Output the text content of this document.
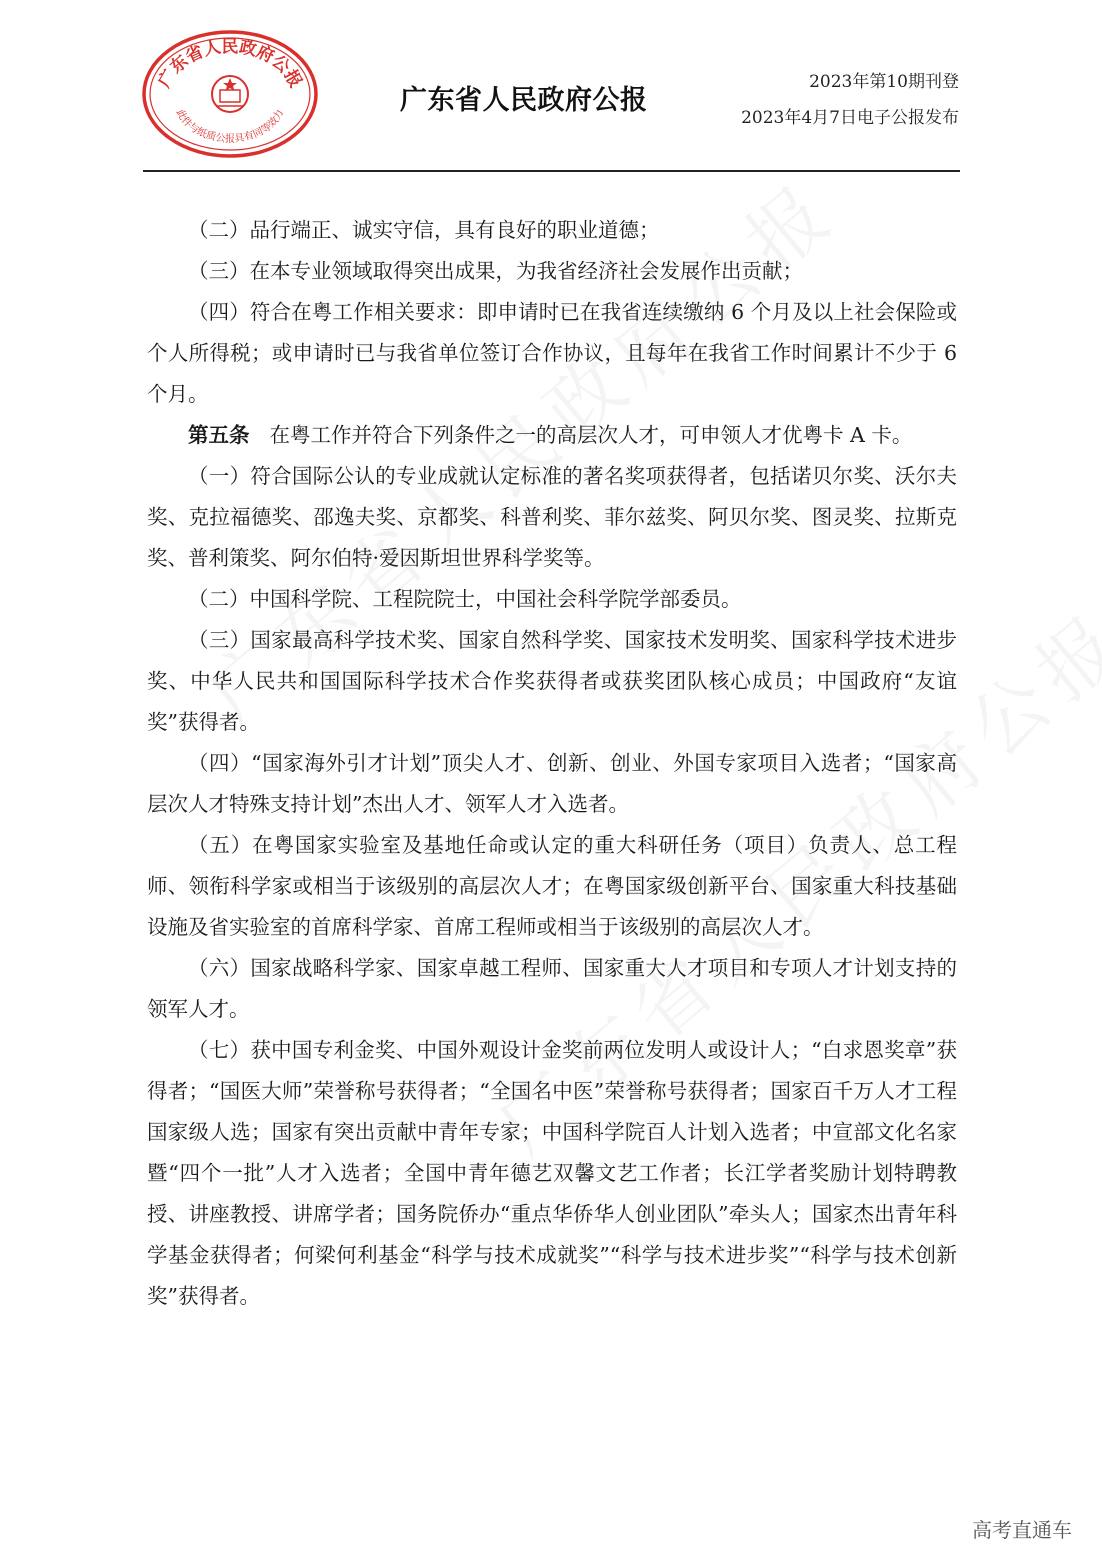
广东省人民政府公报
此件与纸质公报具有同等效力	广东省人民政府公报
2023年第10期刊登
2023年4月7日电子公报发布

（二）品行端正、诚实守信，具有良好的职业道德；

（三）在本专业领域取得突出成果，为我省经济社会发展作出贡献；

（四）符合在粤工作相关要求：即申请时已在我省连续缴纳 6 个月及以上社会保险或个人所得税；或申请时已与我省单位签订合作协议，且每年在我省工作时间累计不少于 6 个月。

第五条 在粤工作并符合下列条件之一的高层次人才，可申领人才优粤卡 A 卡。

（一）符合国际公认的专业成就认定标准的著名奖项获得者，包括诺贝尔奖、沃尔夫奖、克拉福德奖、邵逸夫奖、京都奖、科普利奖、菲尔兹奖、阿贝尔奖、图灵奖、拉斯克奖、普利策奖、阿尔伯特·爱因斯坦世界科学奖等。

（二）中国科学院、工程院院士，中国社会科学院学部委员。

（三）国家最高科学技术奖、国家自然科学奖、国家技术发明奖、国家科学技术进步奖、中华人民共和国国际科学技术合作奖获得者或获奖团队核心成员；中国政府“友谊奖”获得者。

（四）“国家海外引才计划”顶尖人才、创新、创业、外国专家项目入选者；“国家高层次人才特殊支持计划”杰出人才、领军人才入选者。

（五）在粤国家实验室及基地任命或认定的重大科研任务（项目）负责人、总工程师、领衔科学家或相当于该级别的高层次人才；在粤国家级创新平台、国家重大科技基础设施及省实验室的首席科学家、首席工程师或相当于该级别的高层次人才。

（六）国家战略科学家、国家卓越工程师、国家重大人才项目和专项人才计划支持的领军人才。

（七）获中国专利金奖、中国外观设计金奖前两位发明人或设计人；“白求恩奖章”获得者；“国医大师”荣誉称号获得者；“全国名中医”荣誉称号获得者；国家百千万人才工程国家级人选；国家有突出贡献中青年专家；中国科学院百人计划入选者；中宣部文化名家暨“四个一批”人才入选者；全国中青年德艺双馨文艺工作者；长江学者奖励计划特聘教授、讲座教授、讲席学者；国务院侨办“重点华侨华人创业团队”牵头人；国家杰出青年科学基金获得者；何梁何利基金“科学与技术成就奖”“科学与技术进步奖”“科学与技术创新奖”获得者。

高考直通车
